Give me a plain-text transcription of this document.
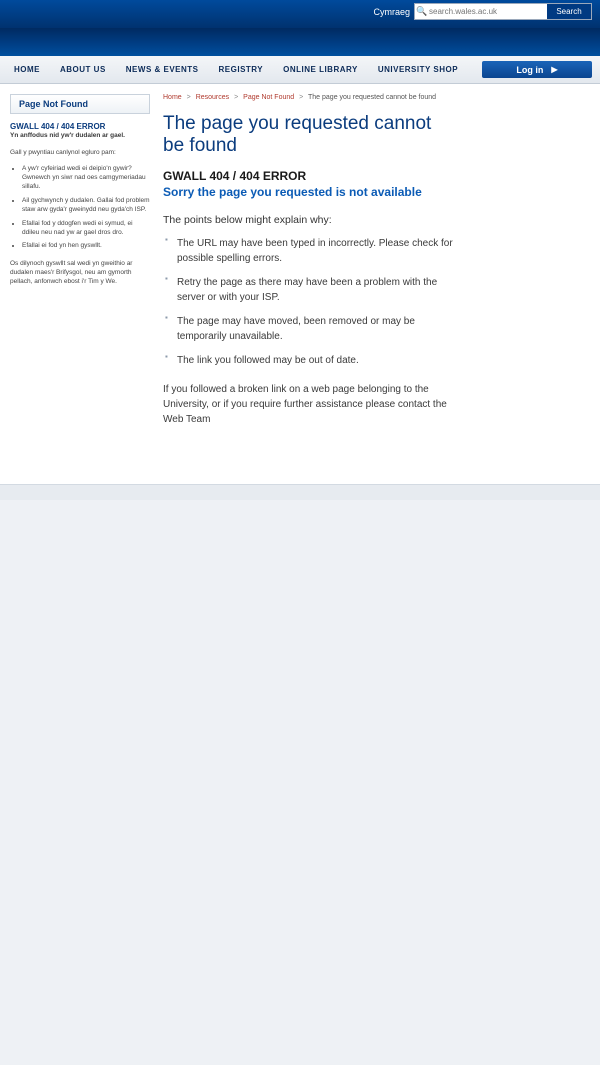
Cymraeg 🔍
search.wales.ac.uk	Search
HOME	ABOUT US	NEWS & EVENTS	REGISTRY	ONLINE LIBRARY	UNIVERSITY SHOP	Log in ▶
Page Not Found
GWALL 404 / 404 ERROR
Yn anffodus nid yw'r dudalen ar gael.
Gall y pwyntiau canlynol egluro pam:
• A yw'r cyfeiriad wedi ei deipio'n gywir? Gwnewch yn siwr nad oes camgymeriadau sillafu.
• Ail gychwynch y dudalen. Gallai fod problem staw arw gyda'r gweinydd neu gyda'ch ISP.
• Efallai fod y ddogfen wedi ei symud, ei ddileu neu nad yw ar gael dros dro.
• Efallai ei fod yn hen gyswllt.
Os dilynoch gyswllt sal wedi yn gweithio ar dudalen maes'r Brifysgol, neu am gymorth pellach, anfonwch ebost i'r Tim y We.
Home > Resources > Page Not Found > The page you requested cannot be found
The page you requested cannot be found
GWALL 404 / 404 ERROR
Sorry the page you requested is not available

The points below might explain why:

▪ The URL may have been typed in incorrectly. Please check for possible spelling errors.
▪ Retry the page as there may have been a problem with the server or with your ISP.
▪ The page may have moved, been removed or may be temporarily unavailable.
▪ The link you followed may be out of date.

If you followed a broken link on a web page belonging to the University, or if you require further assistance please contact the Web Team
